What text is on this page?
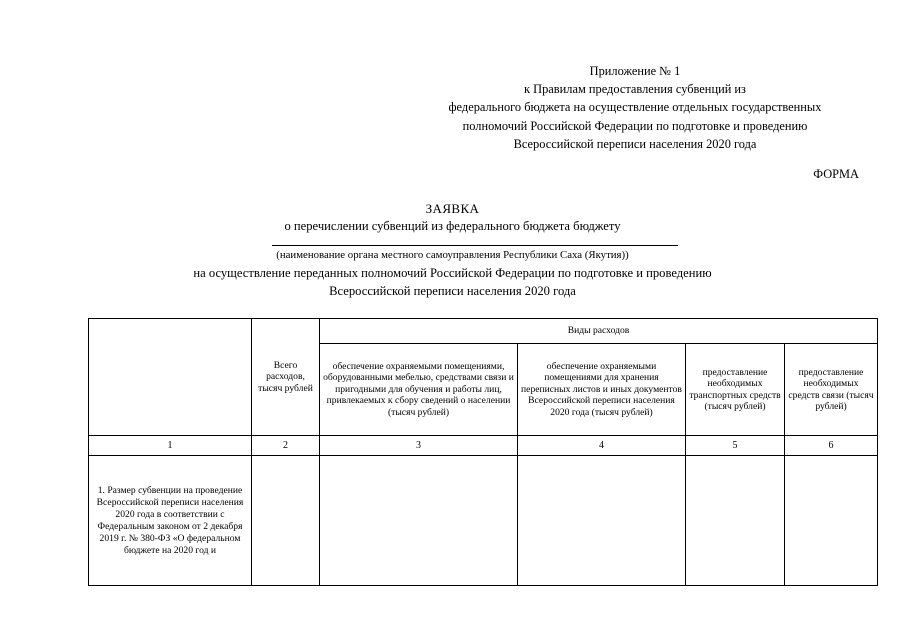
Приложение № 1
к Правилам предоставления субвенций из
федерального бюджета на осуществление отдельных государственных
полномочий Российской Федерации по подготовке и проведению
Всероссийской переписи населения 2020 года
ФОРМА
ЗАЯВКА
о перечислении субвенций из федерального бюджета бюджету
(наименование органа местного самоуправления Республики Саха (Якутия))
на осуществление переданных полномочий Российской Федерации по подготовке и проведению
Всероссийской переписи населения 2020 года
	Всего расходов, тысяч рублей	Виды расходов			
		обеспечение охраняемыми помещениями, оборудованными мебелью, средствами связи и пригодными для обучения и работы лиц, привлекаемых к сбору сведений о населении (тысяч рублей)	обеспечение охраняемыми помещениями для хранения переписных листов и иных документов Всероссийской переписи населения 2020 года (тысяч рублей)	предоставление необходимых транспортных средств (тысяч рублей)	предоставление необходимых средств связи (тысяч рублей)
1	2	3	4	5	6
1. Размер субвенции на проведение Всероссийской переписи населения 2020 года в соответствии с Федеральным законом от 2 декабря 2019 г. № 380-ФЗ «О федеральном бюджете на 2020 год и					
